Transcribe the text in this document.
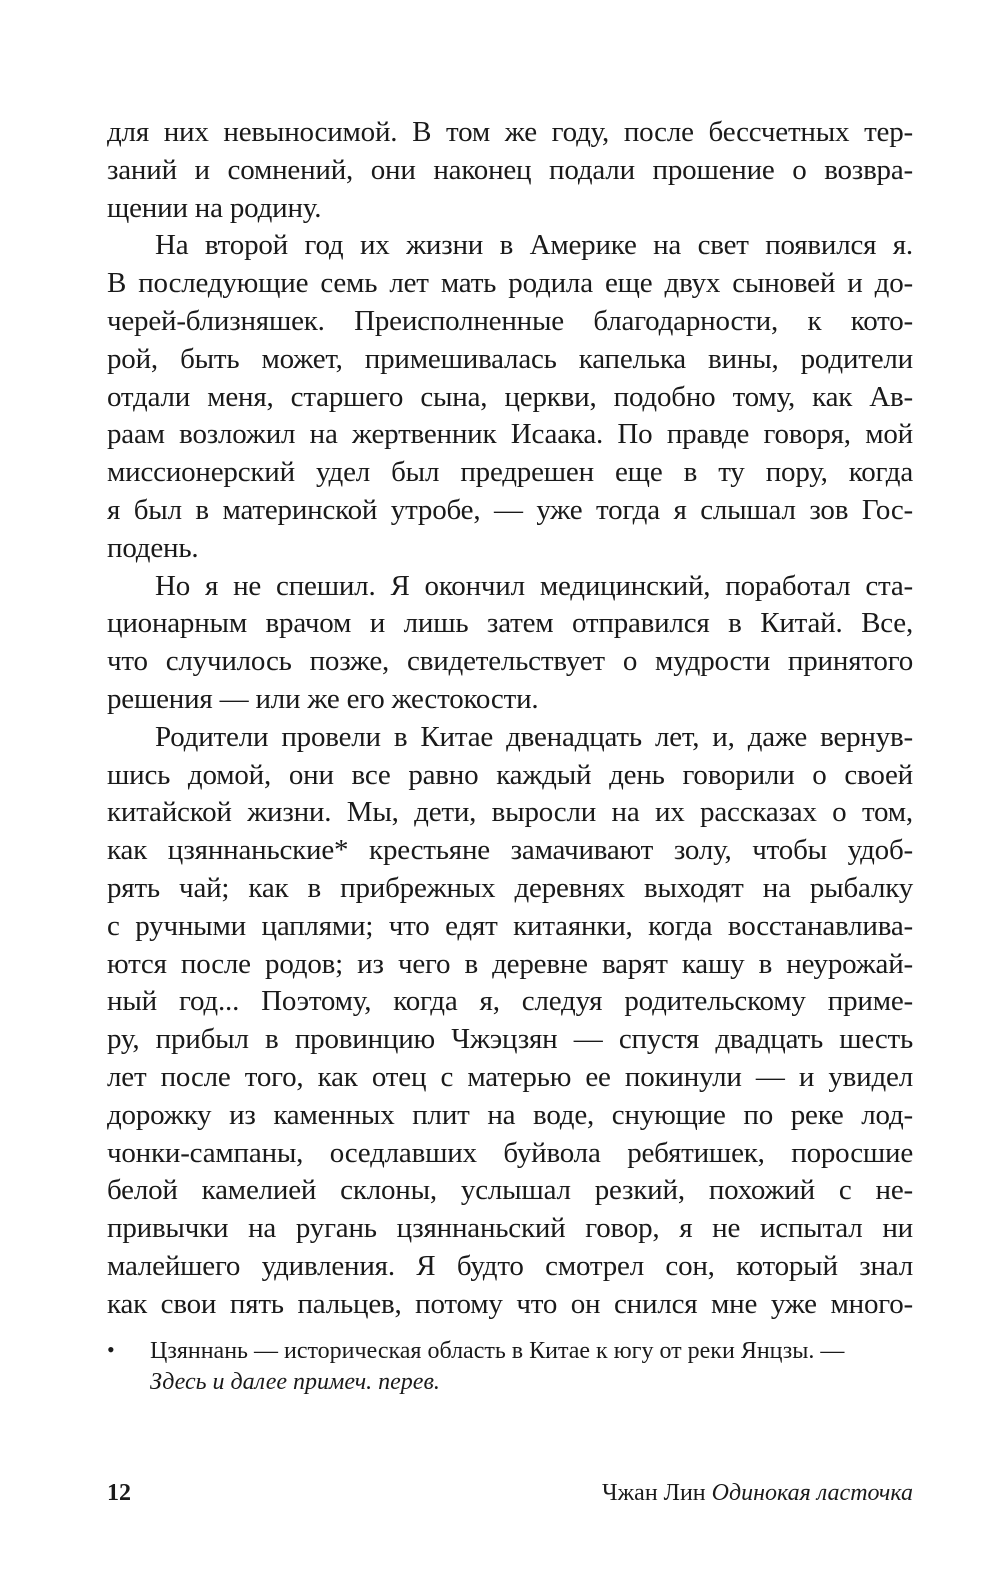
для них невыносимой. В том же году, после бессчетных тер-
заний и сомнений, они наконец подали прошение о возвра-
щении на родину.
На второй год их жизни в Америке на свет появился я.
В последующие семь лет мать родила еще двух сыновей и до-
черей-близняшек. Преисполненные благодарности, к кото-
рой, быть может, примешивалась капелька вины, родители
отдали меня, старшего сына, церкви, подобно тому, как Ав-
раам возложил на жертвенник Исаака. По правде говоря, мой
миссионерский удел был предрешен еще в ту пору, когда
я был в материнской утробе, — уже тогда я слышал зов Гос-
подень.
Но я не спешил. Я окончил медицинский, поработал ста-
ционарным врачом и лишь затем отправился в Китай. Все,
что случилось позже, свидетельствует о мудрости принятого
решения — или же его жестокости.
Родители провели в Китае двенадцать лет, и, даже вернув-
шись домой, они все равно каждый день говорили о своей
китайской жизни. Мы, дети, выросли на их рассказах о том,
как цзяннаньские* крестьяне замачивают золу, чтобы удоб-
рять чай; как в прибрежных деревнях выходят на рыбалку
с ручными цаплями; что едят китаянки, когда восстанавлива-
ются после родов; из чего в деревне варят кашу в неурожай-
ный год... Поэтому, когда я, следуя родительскому приме-
ру, прибыл в провинцию Чжэцзян — спустя двадцать шесть
лет после того, как отец с матерью ее покинули — и увидел
дорожку из каменных плит на воде, снующие по реке лод-
чонки-сампаны, оседлавших буйвола ребятишек, поросшие
белой камелией склоны, услышал резкий, похожий с не-
привычки на ругань цзяннаньский говор, я не испытал ни
малейшего удивления. Я будто смотрел сон, который знал
как свои пять пальцев, потому что он снился мне уже много-
• Цзяннань — историческая область в Китае к югу от реки Янцзы. —
Здесь и далее примеч. перев.
12	Чжан Лин Одинокая ласточка
